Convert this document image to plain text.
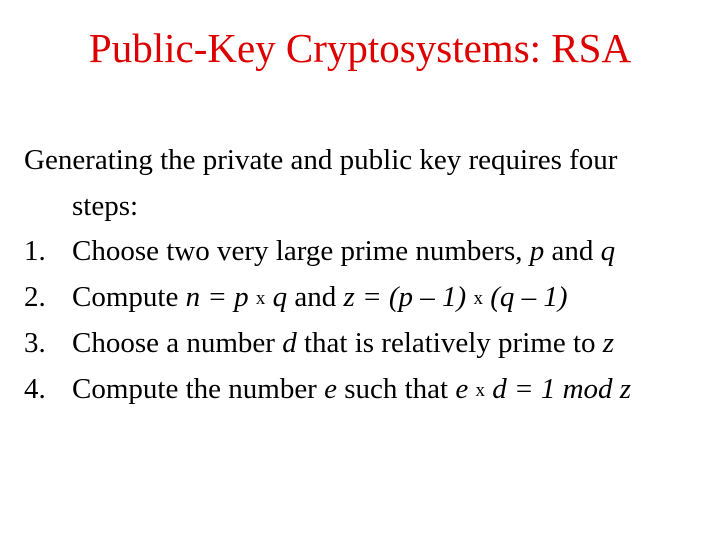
Public-Key Cryptosystems: RSA
Generating the private and public key requires four
steps:
1. Choose two very large prime numbers, p and q
2. Compute n = p x q and z = (p – 1) x (q – 1)
3. Choose a number d that is relatively prime to z
4. Compute the number e such that e x d = 1 mod z
